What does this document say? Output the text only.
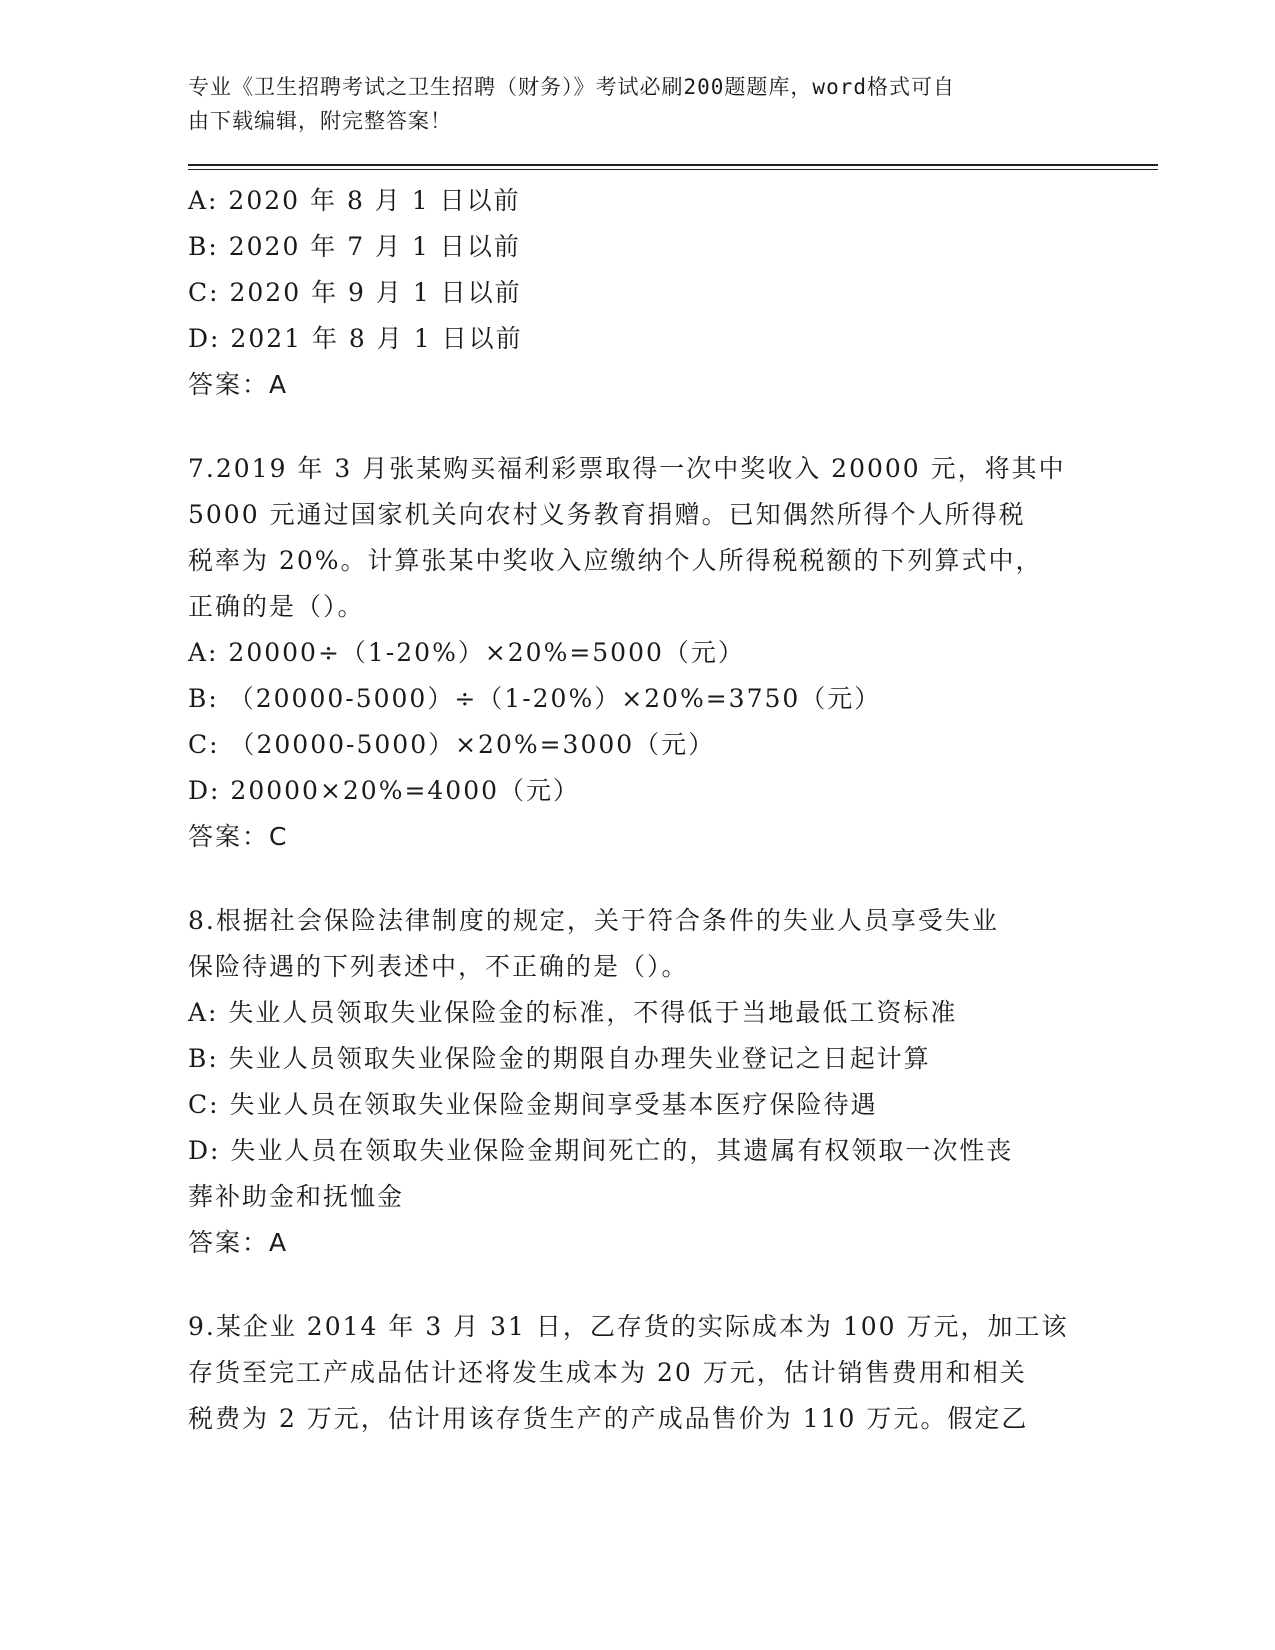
专业《卫生招聘考试之卫生招聘（财务）》考试必刷200题题库，word格式可自
由下载编辑，附完整答案！
A: 2020 年 8 月 1 日以前
B: 2020 年 7 月 1 日以前
C: 2020 年 9 月 1 日以前
D: 2021 年 8 月 1 日以前
答案：A
7.2019 年 3 月张某购买福利彩票取得一次中奖收入 20000 元，将其中
5000 元通过国家机关向农村义务教育捐赠。已知偶然所得个人所得税
税率为 20%。计算张某中奖收入应缴纳个人所得税税额的下列算式中，
正确的是（）。
A: 20000÷（1-20%）×20%=5000（元）
B: （20000-5000）÷（1-20%）×20%=3750（元）
C: （20000-5000）×20%=3000（元）
D: 20000×20%=4000（元）
答案：C
8.根据社会保险法律制度的规定，关于符合条件的失业人员享受失业
保险待遇的下列表述中，不正确的是（）。
A: 失业人员领取失业保险金的标准，不得低于当地最低工资标准
B: 失业人员领取失业保险金的期限自办理失业登记之日起计算
C: 失业人员在领取失业保险金期间享受基本医疗保险待遇
D: 失业人员在领取失业保险金期间死亡的，其遗属有权领取一次性丧
葬补助金和抚恤金
答案：A
9.某企业 2014 年 3 月 31 日，乙存货的实际成本为 100 万元，加工该
存货至完工产成品估计还将发生成本为 20 万元，估计销售费用和相关
税费为 2 万元，估计用该存货生产的产成品售价为 110 万元。假定乙
